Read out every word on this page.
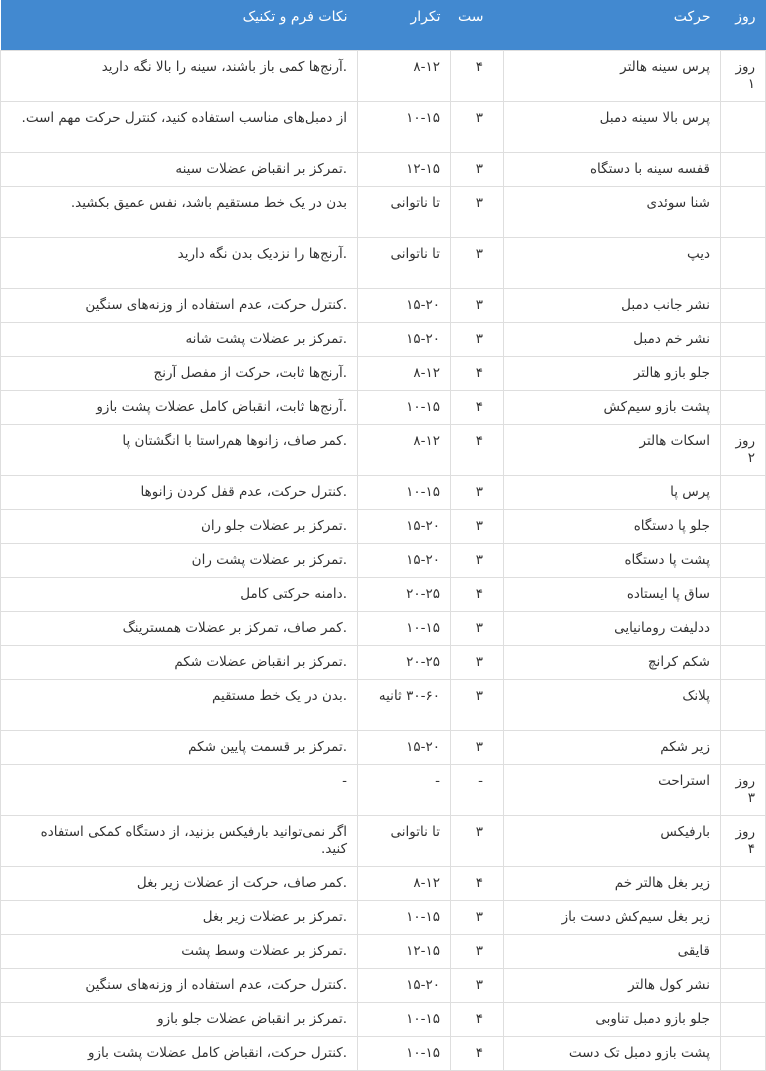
روز	حرکت	ست	تکرار	نکات فرم و تکنیک
روز ۱	پرس سینه هالتر	۴	۸-۱۲	.آرنج‌ها کمی باز باشند، سینه را بالا نگه دارید
	پرس بالا سینه دمبل	۳	۱۰-۱۵	از دمبل‌های مناسب استفاده کنید، کنترل حرکت مهم است.
	قفسه سینه با دستگاه	۳	۱۲-۱۵	.تمرکز بر انقباض عضلات سینه
	شنا سوئدی	۳	تا ناتوانی	بدن در یک خط مستقیم باشد، نفس عمیق بکشید.
	دیپ	۳	تا ناتوانی	.آرنج‌ها را نزدیک بدن نگه دارید
	نشر جانب دمبل	۳	۱۵-۲۰	.کنترل حرکت، عدم استفاده از وزنه‌های سنگین
	نشر خم دمبل	۳	۱۵-۲۰	.تمرکز بر عضلات پشت شانه
	جلو بازو هالتر	۴	۸-۱۲	.آرنج‌ها ثابت، حرکت از مفصل آرنج
	پشت بازو سیم‌کش	۴	۱۰-۱۵	.آرنج‌ها ثابت، انقباض کامل عضلات پشت بازو
روز ۲	اسکات هالتر	۴	۸-۱۲	.کمر صاف، زانوها هم‌راستا با انگشتان پا
	پرس پا	۳	۱۰-۱۵	.کنترل حرکت، عدم قفل کردن زانوها
	جلو پا دستگاه	۳	۱۵-۲۰	.تمرکز بر عضلات جلو ران
	پشت پا دستگاه	۳	۱۵-۲۰	.تمرکز بر عضلات پشت ران
	ساق پا ایستاده	۴	۲۰-۲۵	.دامنه حرکتی کامل
	ددلیفت رومانیایی	۳	۱۰-۱۵	.کمر صاف، تمرکز بر عضلات همسترینگ
	شکم کرانچ	۳	۲۰-۲۵	.تمرکز بر انقباض عضلات شکم
	پلانک	۳	۳۰-۶۰ ثانیه	.بدن در یک خط مستقیم
	زیر شکم	۳	۱۵-۲۰	.تمرکز بر قسمت پایین شکم
روز ۳	استراحت	-	-	-
روز ۴	بارفیکس	۳	تا ناتوانی	اگر نمی‌توانید بارفیکس بزنید، از دستگاه کمکی استفاده کنید.
	زیر بغل هالتر خم	۴	۸-۱۲	.کمر صاف، حرکت از عضلات زیر بغل
	زیر بغل سیم‌کش دست باز	۳	۱۰-۱۵	.تمرکز بر عضلات زیر بغل
	قایقی	۳	۱۲-۱۵	.تمرکز بر عضلات وسط پشت
	نشر کول هالتر	۳	۱۵-۲۰	.کنترل حرکت، عدم استفاده از وزنه‌های سنگین
	جلو بازو دمبل تناوبی	۴	۱۰-۱۵	.تمرکز بر انقباض عضلات جلو بازو
	پشت بازو دمبل تک دست	۴	۱۰-۱۵	.کنترل حرکت، انقباض کامل عضلات پشت بازو
